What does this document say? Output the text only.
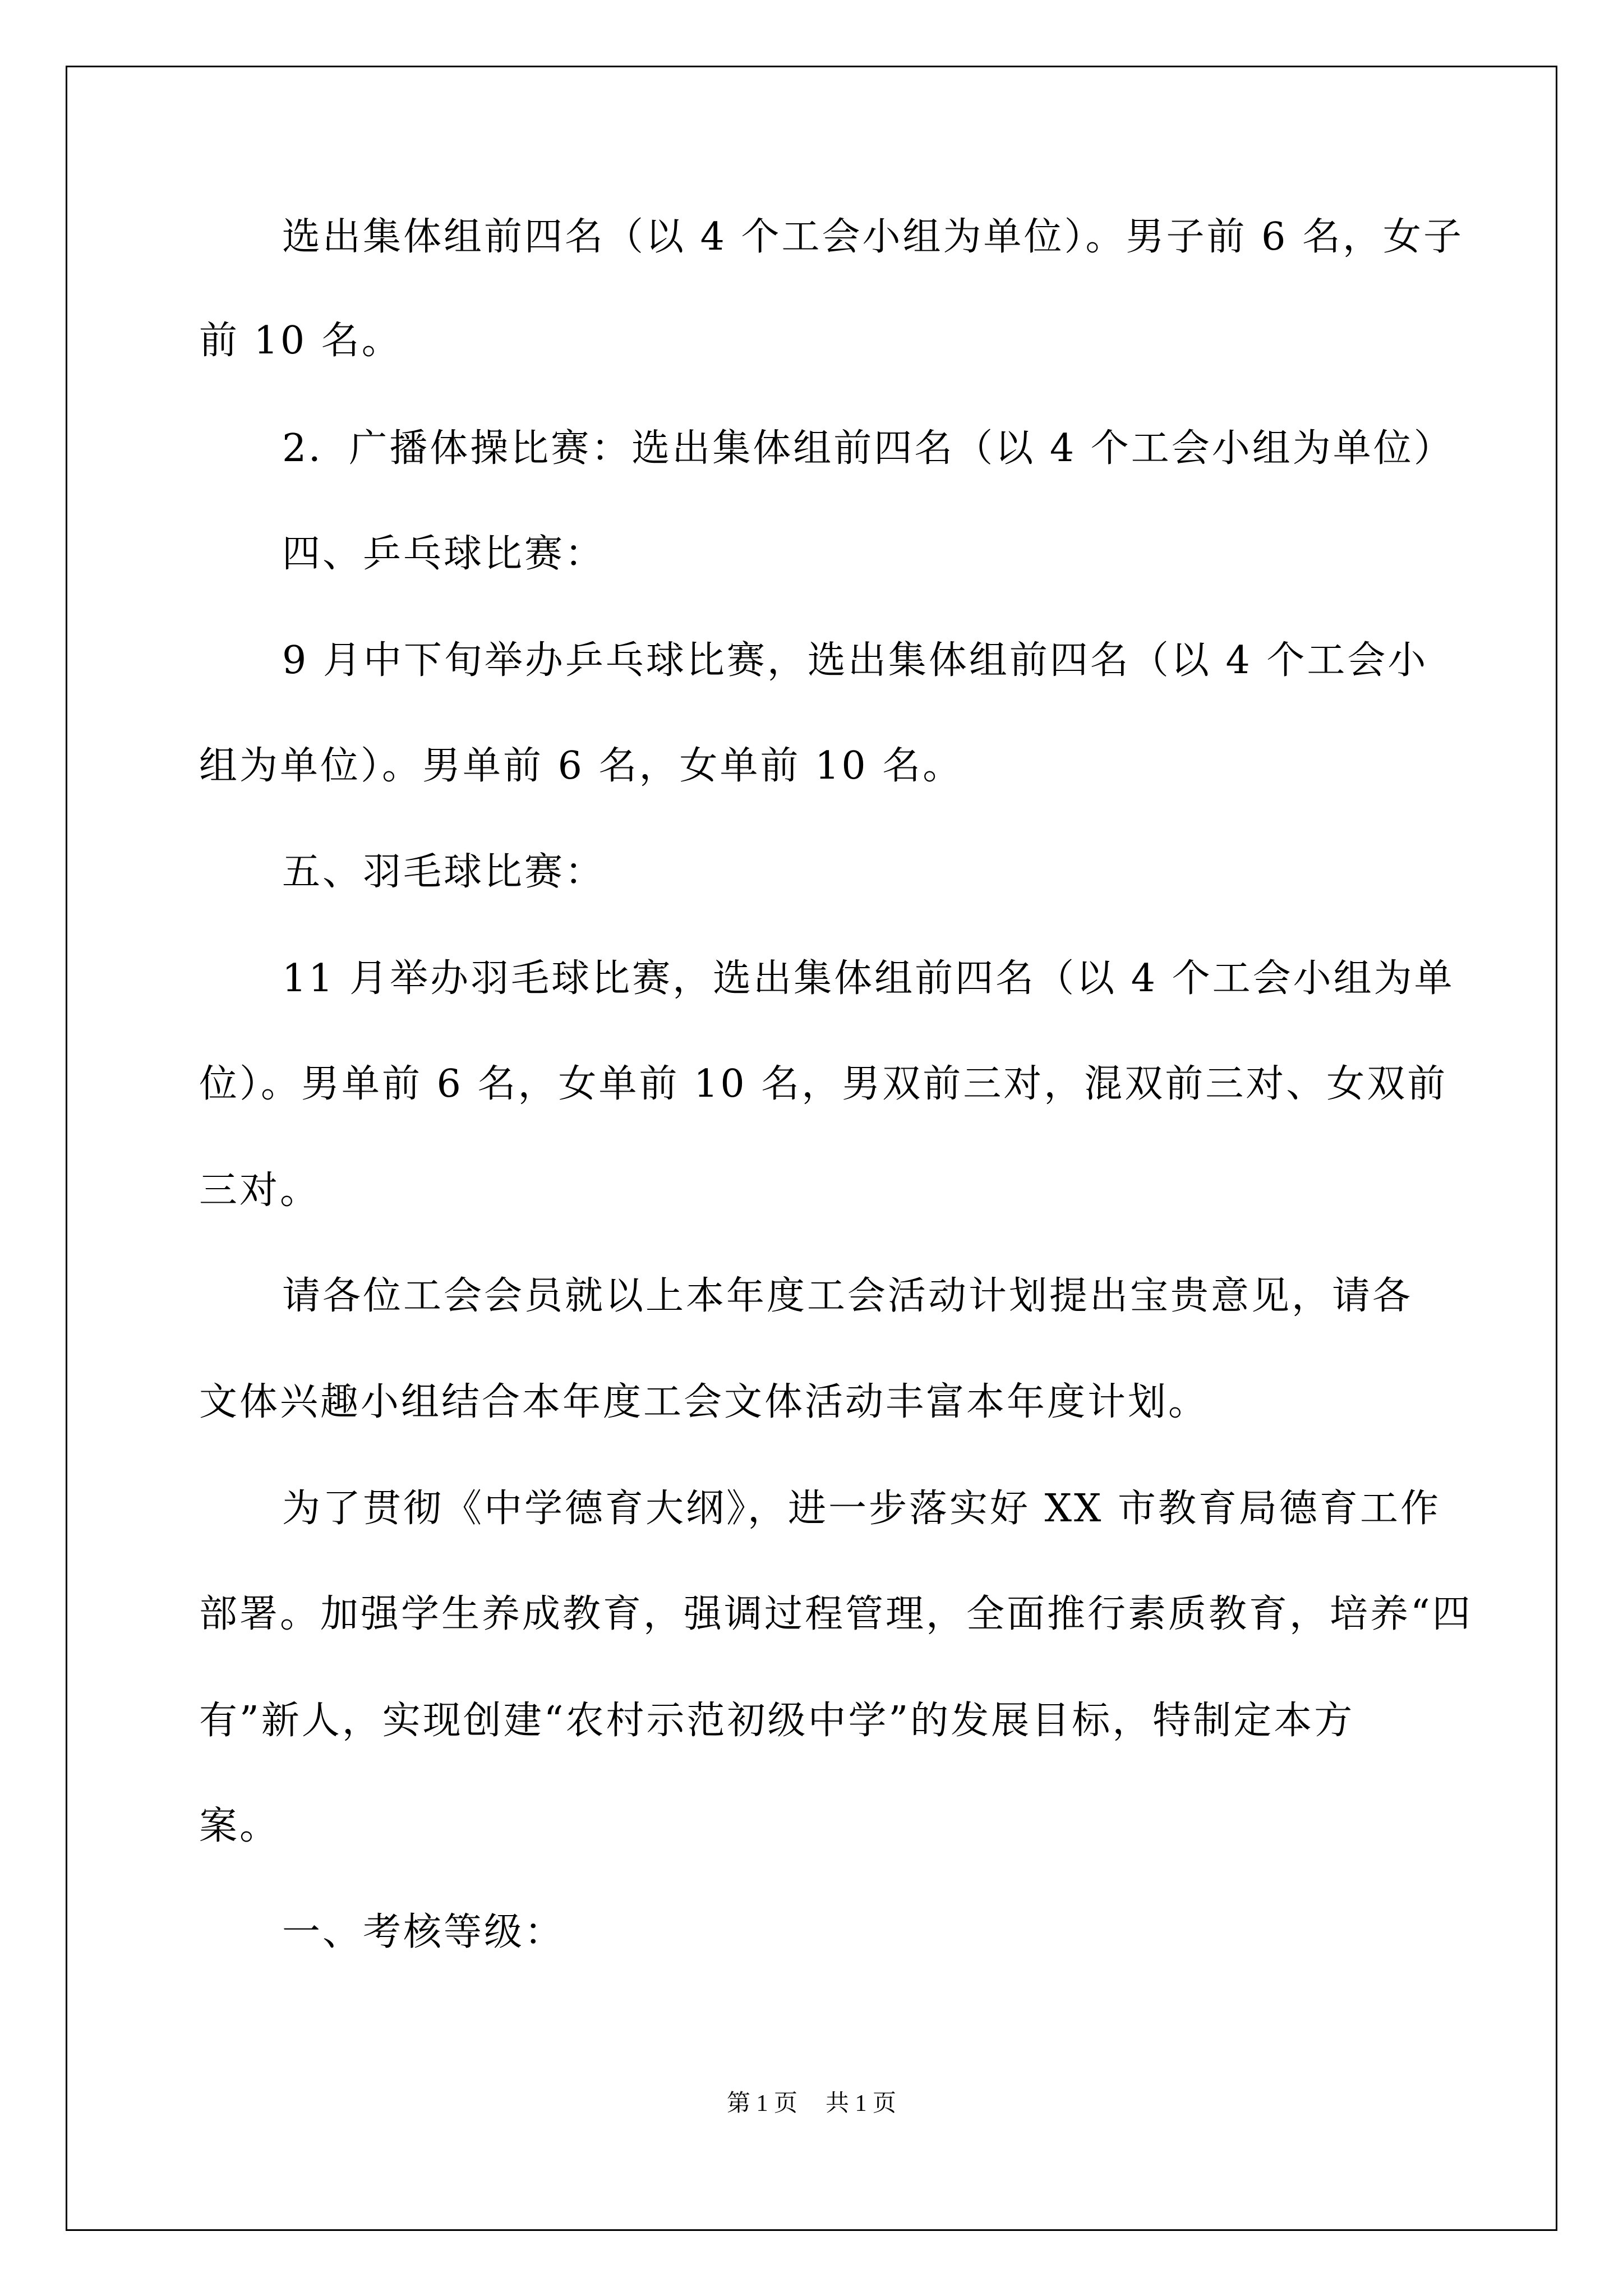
选出集体组前四名（以 4 个工会小组为单位）。男子前 6 名，女子
前 10 名。
2．广播体操比赛：选出集体组前四名（以 4 个工会小组为单位）
四、乒乓球比赛：
9 月中下旬举办乒乓球比赛，选出集体组前四名（以 4 个工会小
组为单位）。男单前 6 名，女单前 10 名。
五、羽毛球比赛：
11 月举办羽毛球比赛，选出集体组前四名（以 4 个工会小组为单
位）。男单前 6 名，女单前 10 名，男双前三对，混双前三对、女双前
三对。
请各位工会会员就以上本年度工会活动计划提出宝贵意见，请各
文体兴趣小组结合本年度工会文体活动丰富本年度计划。
为了贯彻《中学德育大纲》，进一步落实好 XX 市教育局德育工作
部署。加强学生养成教育，强调过程管理，全面推行素质教育，培养“四
有”新人，实现创建“农村示范初级中学”的发展目标，特制定本方
案。
一、考核等级：
第 1 页 共 1 页
